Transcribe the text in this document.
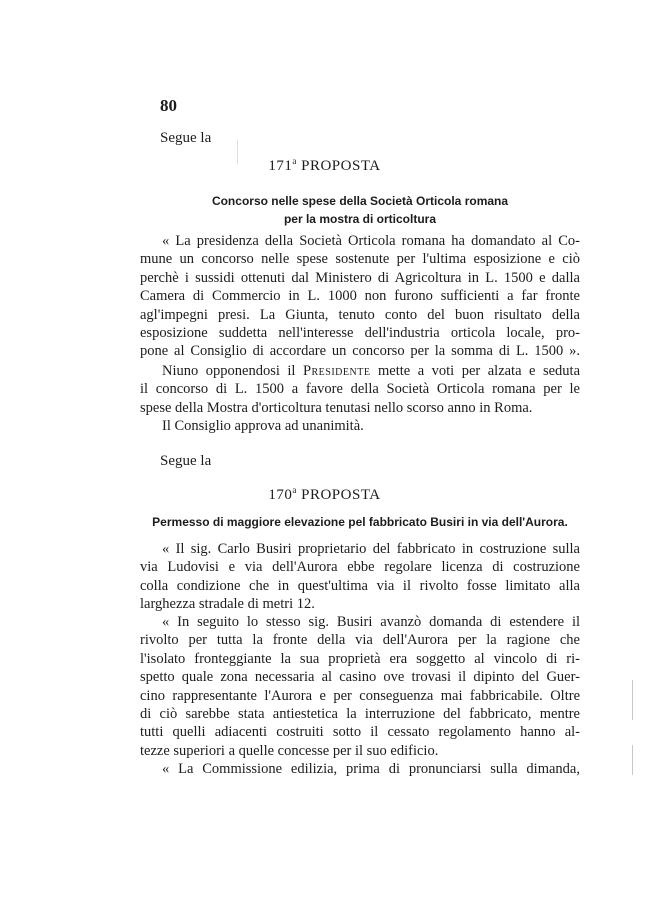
80
Segue la
171$^a$ PROPOSTA
Concorso nelle spese della Società Orticola romana
per la mostra di orticoltura
« La presidenza della Società Orticola romana ha domandato al Co-
mune un concorso nelle spese sostenute per l'ultima esposizione e ciò
perchè i sussidi ottenuti dal Ministero di Agricoltura in L. 1500 e dalla
Camera di Commercio in L. 1000 non furono sufficienti a far fronte
agl'impegni presi. La Giunta, tenuto conto del buon risultato della
esposizione suddetta nell'interesse dell'industria orticola locale, pro-
pone al Consiglio di accordare un concorso per la somma di L. 1500 ».
Niuno opponendosi il Presidente mette a voti per alzata e seduta
il concorso di L. 1500 a favore della Società Orticola romana per le
spese della Mostra d'orticoltura tenutasi nello scorso anno in Roma.
Il Consiglio approva ad unanimità.
Segue la
170$^a$ PROPOSTA
Permesso di maggiore elevazione pel fabbricato Busiri in via dell'Aurora.
« Il sig. Carlo Busiri proprietario del fabbricato in costruzione sulla
via Ludovisi e via dell'Aurora ebbe regolare licenza di costruzione
colla condizione che in quest'ultima via il rivolto fosse limitato alla
larghezza stradale di metri 12.
« In seguito lo stesso sig. Busiri avanzò domanda di estendere il
rivolto per tutta la fronte della via dell'Aurora per la ragione che
l'isolato fronteggiante la sua proprietà era soggetto al vincolo di ri-
spetto quale zona necessaria al casino ove trovasi il dipinto del Guer-
cino rappresentante l'Aurora e per conseguenza mai fabbricabile. Oltre
di ciò sarebbe stata antiestetica la interruzione del fabbricato, mentre
tutti quelli adiacenti costruiti sotto il cessato regolamento hanno al-
tezze superiori a quelle concesse per il suo edificio.
« La Commissione edilizia, prima di pronunciarsi sulla dimanda,
